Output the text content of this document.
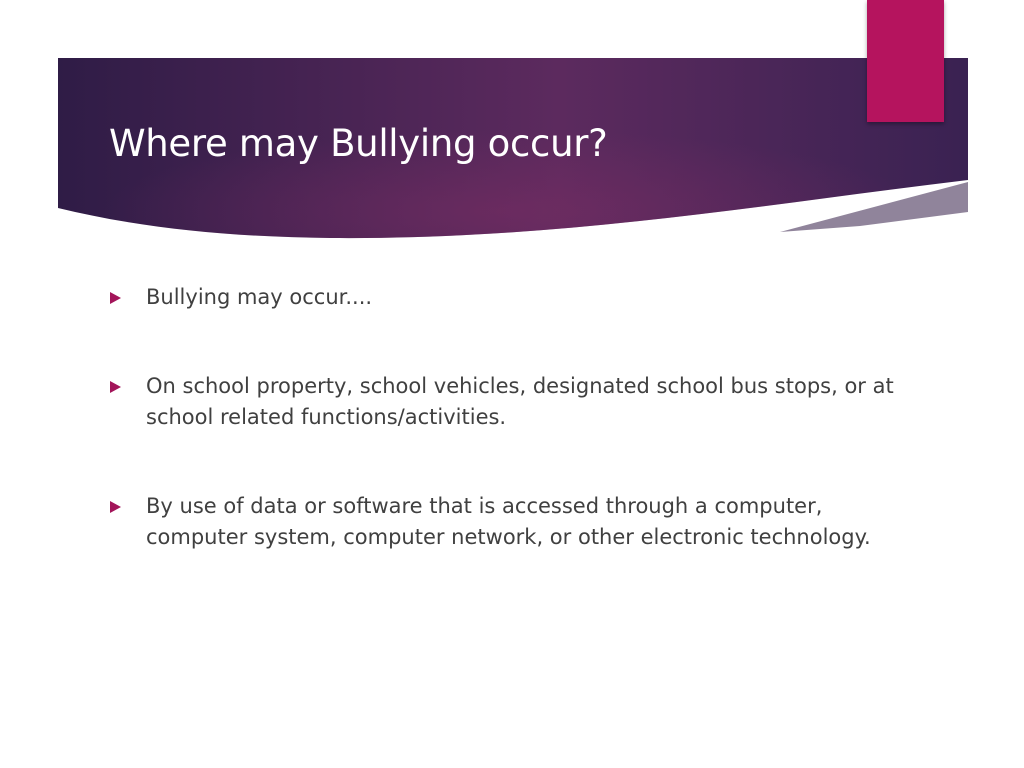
Where may Bullying occur?
Bullying may occur....
On school property, school vehicles, designated school bus stops, or at school related functions/activities.
By use of data or software that is accessed through a computer, computer system, computer network, or other electronic technology.
